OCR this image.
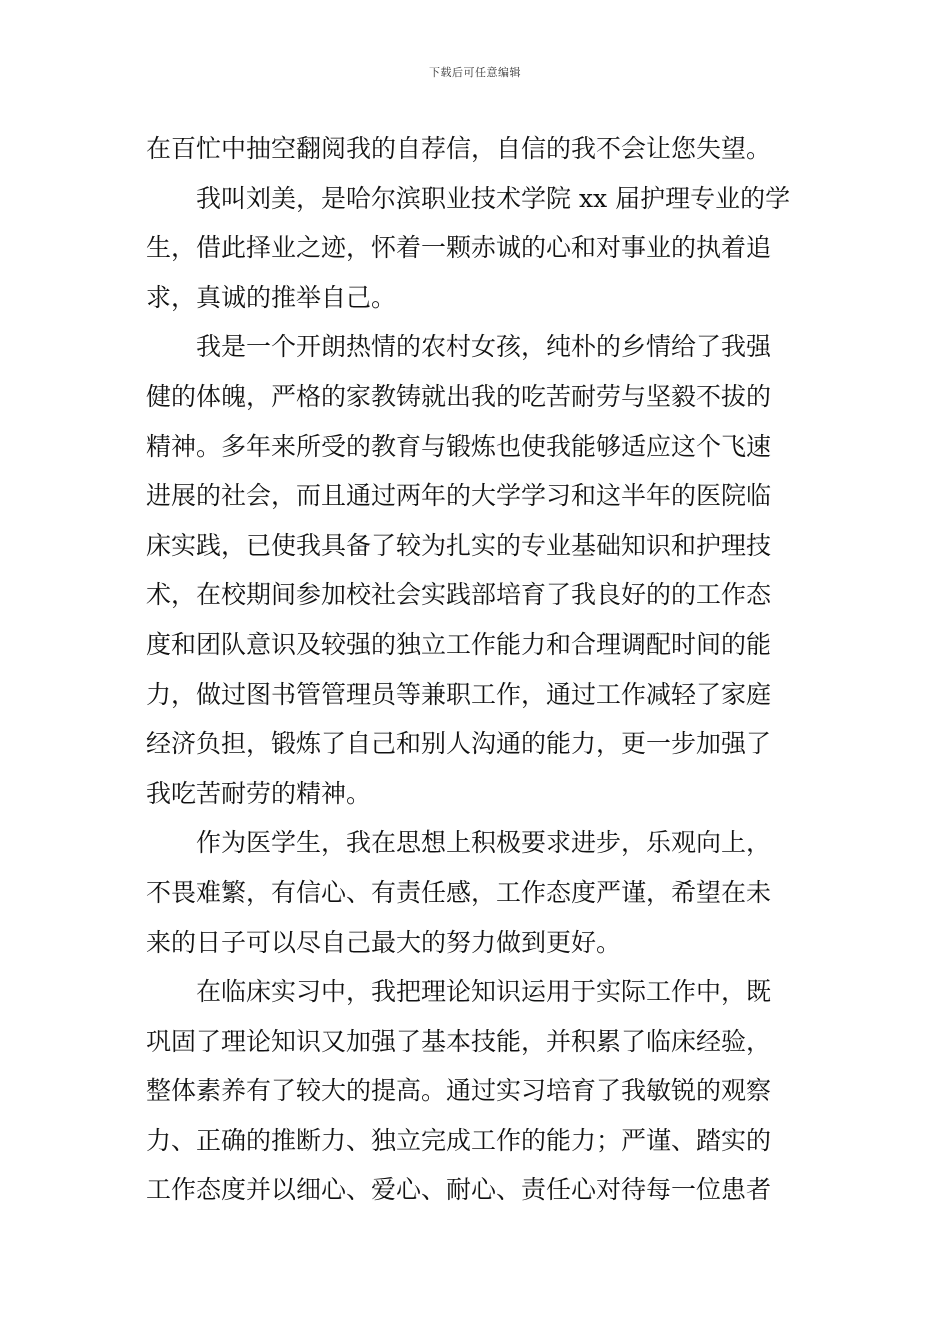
下载后可任意编辑
在百忙中抽空翻阅我的自荐信，自信的我不会让您失望。
我叫刘美，是哈尔滨职业技术学院 xx 届护理专业的学
生，借此择业之迹，怀着一颗赤诚的心和对事业的执着追
求，真诚的推举自己。
我是一个开朗热情的农村女孩，纯朴的乡情给了我强
健的体魄，严格的家教铸就出我的吃苦耐劳与坚毅不拔的
精神。多年来所受的教育与锻炼也使我能够适应这个飞速
进展的社会，而且通过两年的大学学习和这半年的医院临
床实践，已使我具备了较为扎实的专业基础知识和护理技
术，在校期间参加校社会实践部培育了我良好的的工作态
度和团队意识及较强的独立工作能力和合理调配时间的能
力，做过图书管管理员等兼职工作，通过工作减轻了家庭
经济负担，锻炼了自己和别人沟通的能力，更一步加强了
我吃苦耐劳的精神。
作为医学生，我在思想上积极要求进步，乐观向上，
不畏难繁，有信心、有责任感，工作态度严谨，希望在未
来的日子可以尽自己最大的努力做到更好。
在临床实习中，我把理论知识运用于实际工作中，既
巩固了理论知识又加强了基本技能，并积累了临床经验，
整体素养有了较大的提高。通过实习培育了我敏锐的观察
力、正确的推断力、独立完成工作的能力；严谨、踏实的
工作态度并以细心、爱心、耐心、责任心对待每一位患者
